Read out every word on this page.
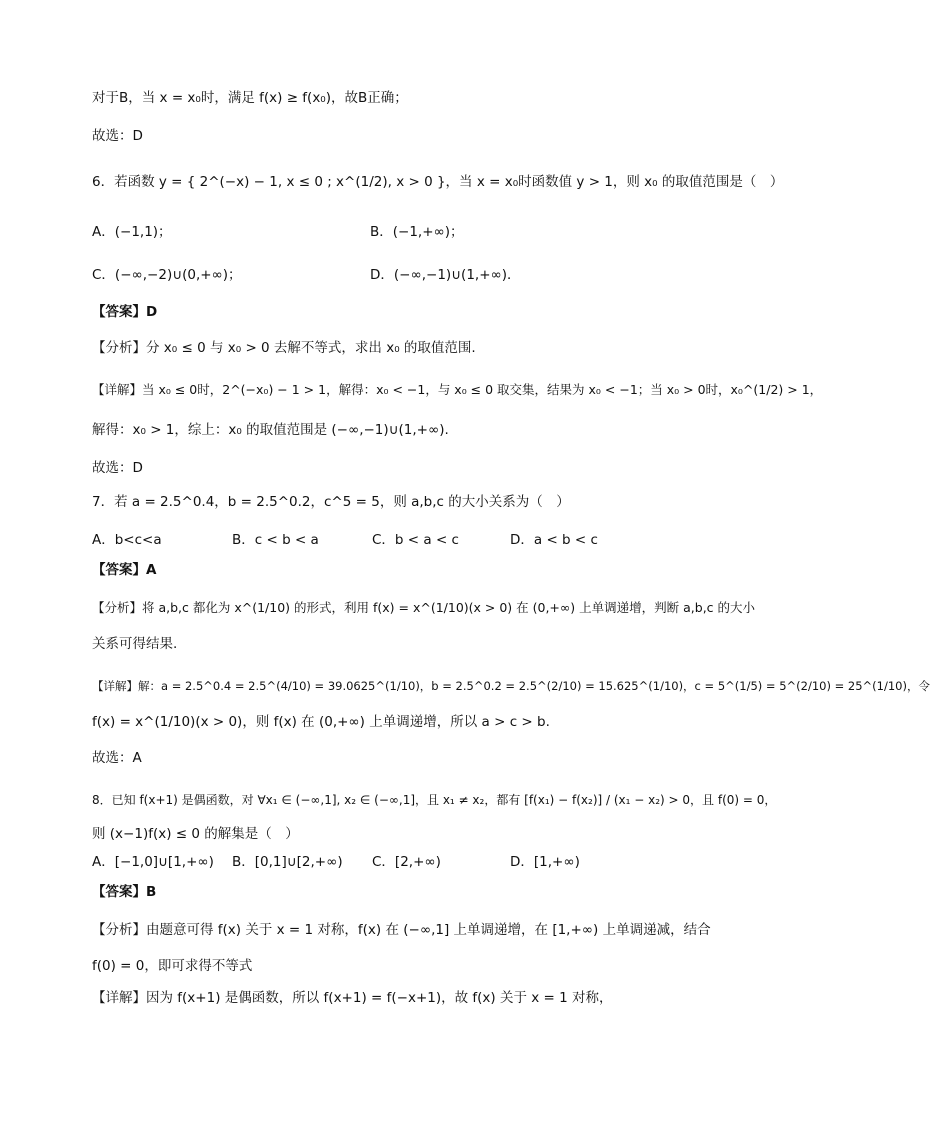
对于B，当 x = x₀时，满足 f(x) ≥ f(x₀)，故B正确；
故选：D
6．若函数 y = { 2^(−x) − 1, x ≤ 0 ; x^(1/2), x > 0 }，当 x = x₀时函数值 y > 1，则 x₀ 的取值范围是（　）
A．(−1,1)；	B．(−1,+∞)；
C．(−∞,−2)∪(0,+∞)；	D．(−∞,−1)∪(1,+∞)．
【答案】D
【分析】分 x₀ ≤ 0 与 x₀ > 0 去解不等式，求出 x₀ 的取值范围.
【详解】当 x₀ ≤ 0时，2^(−x₀) − 1 > 1，解得：x₀ < −1，与 x₀ ≤ 0 取交集，结果为 x₀ < −1；当 x₀ > 0时，x₀^(1/2) > 1，
解得：x₀ > 1，综上：x₀ 的取值范围是 (−∞,−1)∪(1,+∞).
故选：D
7．若 a = 2.5^0.4，b = 2.5^0.2，c^5 = 5，则 a,b,c 的大小关系为（　）
A．b<c<a	B．c < b < a	C．b < a < c	D．a < b < c
【答案】A
【分析】将 a,b,c 都化为 x^(1/10) 的形式，利用 f(x) = x^(1/10)(x > 0) 在 (0,+∞) 上单调递增，判断 a,b,c 的大小
关系可得结果.
【详解】解：a = 2.5^0.4 = 2.5^(4/10) = 39.0625^(1/10)，b = 2.5^0.2 = 2.5^(2/10) = 15.625^(1/10)，c = 5^(1/5) = 5^(2/10) = 25^(1/10)，令
f(x) = x^(1/10)(x > 0)，则 f(x) 在 (0,+∞) 上单调递增，所以 a > c > b.
故选：A
8．已知 f(x+1) 是偶函数，对 ∀x₁ ∈ (−∞,1], x₂ ∈ (−∞,1]，且 x₁ ≠ x₂，都有 [f(x₁) − f(x₂)] / (x₁ − x₂) > 0，且 f(0) = 0，
则 (x−1)f(x) ≤ 0 的解集是（　）
A．[−1,0]∪[1,+∞) B．[0,1]∪[2,+∞) C．[2,+∞)	D．[1,+∞)
【答案】B
【分析】由题意可得 f(x) 关于 x = 1 对称，f(x) 在 (−∞,1] 上单调递增，在 [1,+∞) 上单调递减，结合
f(0) = 0，即可求得不等式
【详解】因为 f(x+1) 是偶函数，所以 f(x+1) = f(−x+1)，故 f(x) 关于 x = 1 对称，
